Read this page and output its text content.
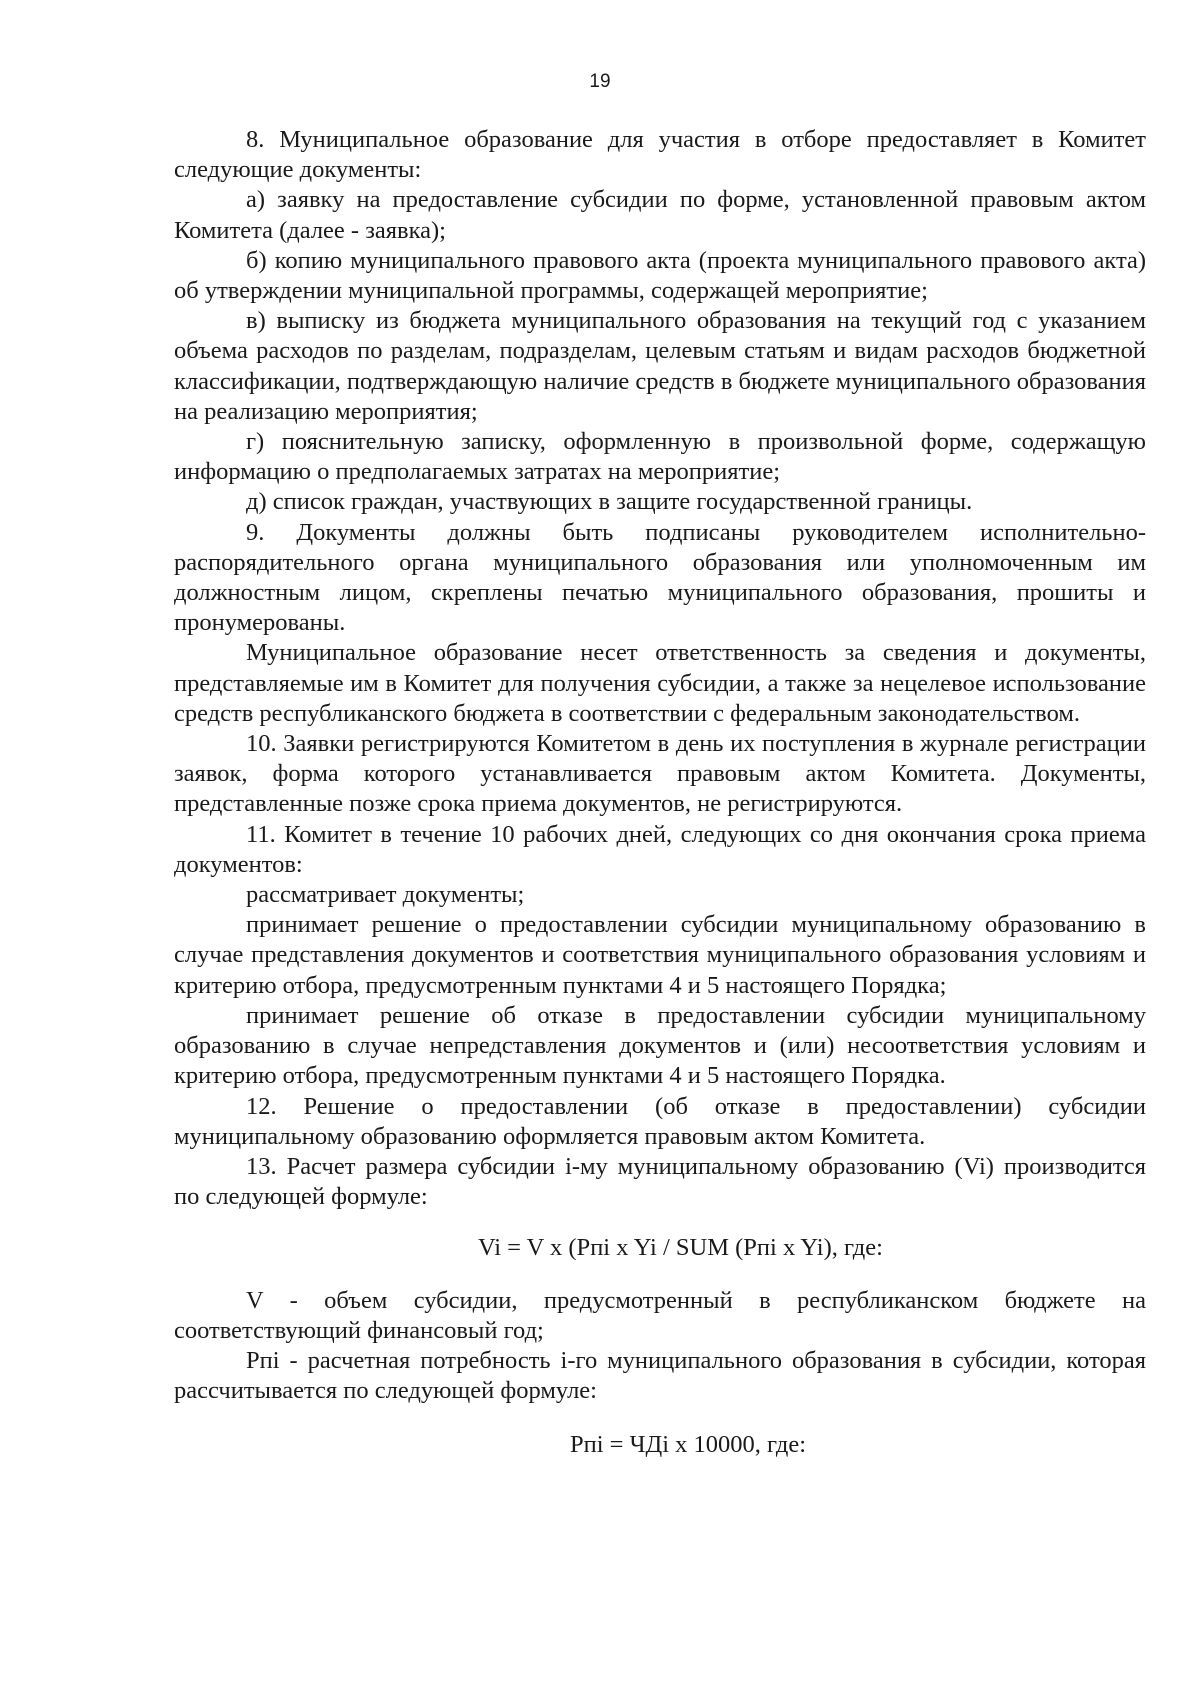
19

8. Муниципальное образование для участия в отборе предоставляет в Комитет следующие документы:

а) заявку на предоставление субсидии по форме, установленной правовым актом Комитета (далее - заявка);

б) копию муниципального правового акта (проекта муниципального правового акта) об утверждении муниципальной программы, содержащей мероприятие;

в) выписку из бюджета муниципального образования на текущий год с указанием объема расходов по разделам, подразделам, целевым статьям и видам расходов бюджетной классификации, подтверждающую наличие средств в бюджете муниципального образования на реализацию мероприятия;

г) пояснительную записку, оформленную в произвольной форме, содержащую информацию о предполагаемых затратах на мероприятие;

д) список граждан, участвующих в защите государственной границы.

9. Документы должны быть подписаны руководителем исполнительно-распорядительного органа муниципального образования или уполномоченным им должностным лицом, скреплены печатью муниципального образования, прошиты и пронумерованы.

Муниципальное образование несет ответственность за сведения и документы, представляемые им в Комитет для получения субсидии, а также за нецелевое использование средств республиканского бюджета в соответствии с федеральным законодательством.

10. Заявки регистрируются Комитетом в день их поступления в журнале регистрации заявок, форма которого устанавливается правовым актом Комитета. Документы, представленные позже срока приема документов, не регистрируются.

11. Комитет в течение 10 рабочих дней, следующих со дня окончания срока приема документов:

рассматривает документы;

принимает решение о предоставлении субсидии муниципальному образованию в случае представления документов и соответствия муниципального образования условиям и критерию отбора, предусмотренным пунктами 4 и 5 настоящего Порядка;

принимает решение об отказе в предоставлении субсидии муниципальному образованию в случае непредставления документов и (или) несоответствия условиям и критерию отбора, предусмотренным пунктами 4 и 5 настоящего Порядка.

12. Решение о предоставлении (об отказе в предоставлении) субсидии муниципальному образованию оформляется правовым актом Комитета.

13. Расчет размера субсидии i-му муниципальному образованию (Vi) производится по следующей формуле:

Vi = V x (Рпi x Yi / SUM (Рпi x Yi), где:

V - объем субсидии, предусмотренный в республиканском бюджете на соответствующий финансовый год;

Рпi - расчетная потребность i-го муниципального образования в субсидии, которая рассчитывается по следующей формуле:

Рпi = ЧДi x 10000, где:
